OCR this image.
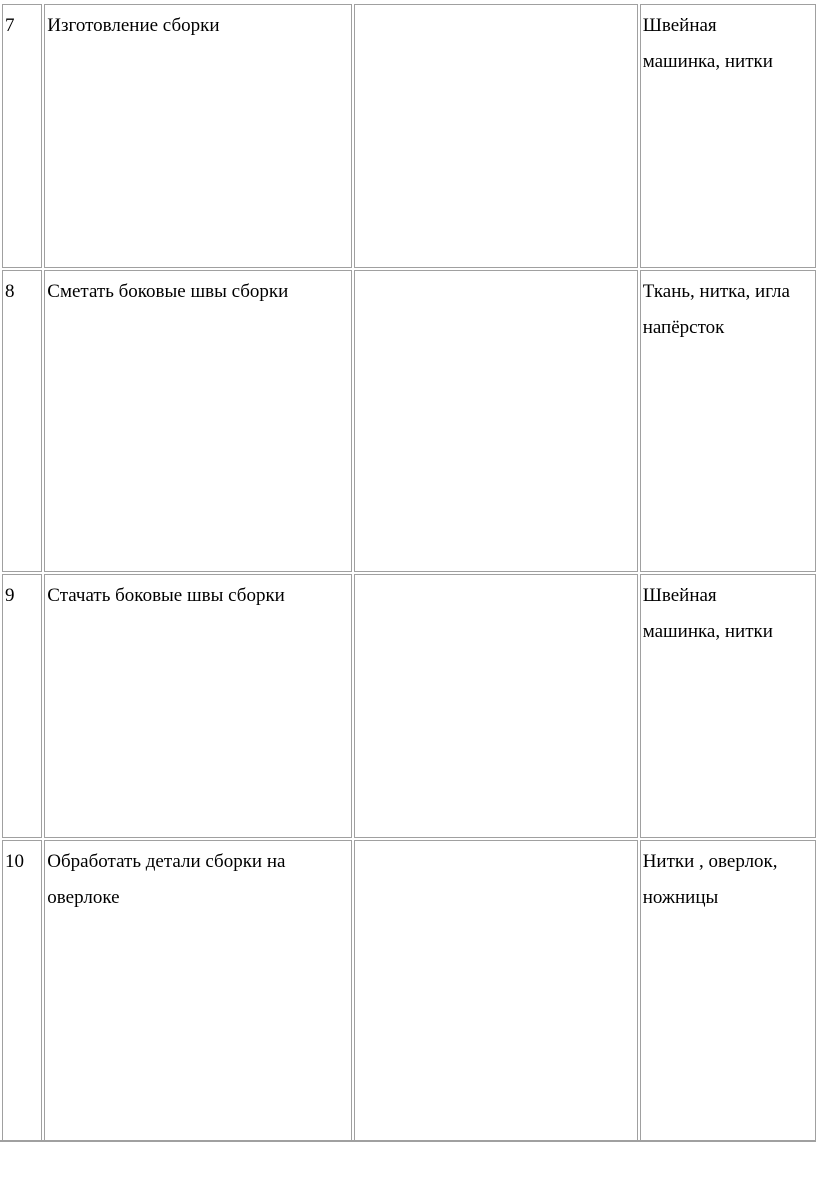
7	Изготовление сборки		Швейная
машинка, нитки

8	Сметать боковые швы сборки		Ткань, нитка, игла
напёрсток

9	Стачать боковые швы сборки		Швейная
машинка, нитки

10	Обработать детали сборки на оверлоке		Нитки , оверлок,
ножницы
